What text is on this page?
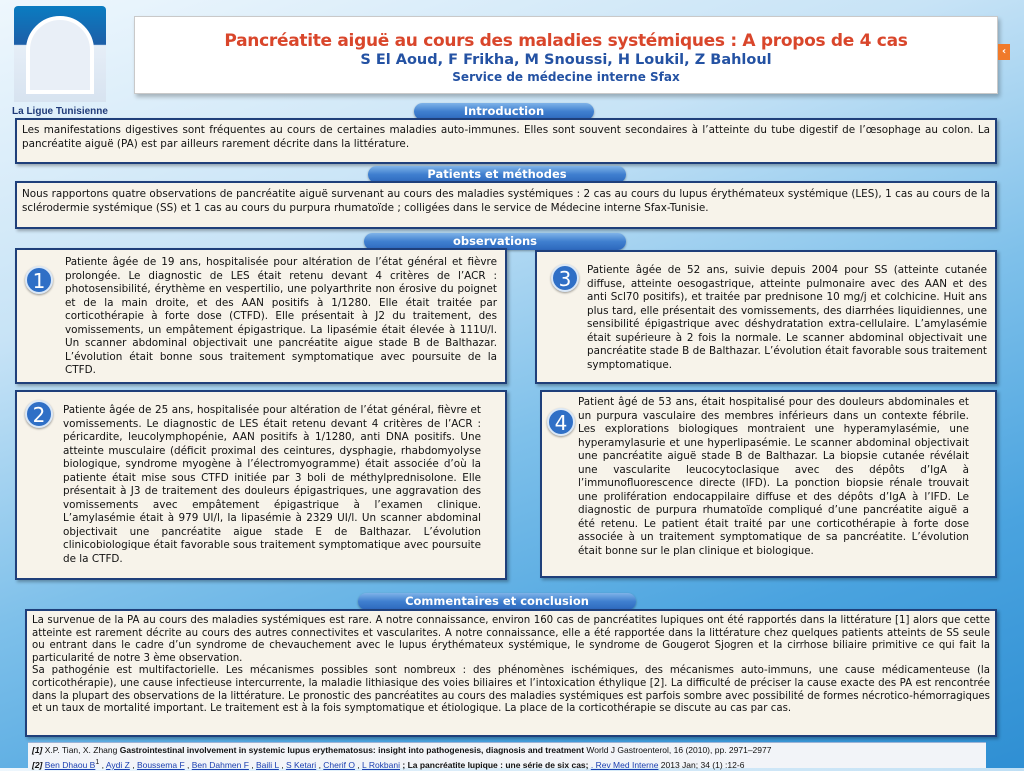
La Ligue Tunisienne
Pancréatite aiguë au cours des maladies systémiques : A propos de 4 cas
S El Aoud, F Frikha, M Snoussi, H Loukil, Z Bahloul
Service de médecine interne Sfax
‹
Introduction

Les manifestations digestives sont fréquentes au cours de certaines maladies auto-immunes. Elles sont souvent secondaires à l’atteinte du tube digestif de l’œsophage au colon. La pancréatite aiguë (PA) est par ailleurs rarement décrite dans la littérature.

Patients et méthodes

Nous rapportons quatre observations de pancréatite aiguë survenant au cours des maladies systémiques : 2 cas au cours du lupus érythémateux systémique (LES), 1 cas au cours de la sclérodermie systémique (SS) et 1 cas au cours du purpura rhumatoïde ; colligées dans le service de Médecine interne Sfax-Tunisie.

observations
1

Patiente âgée de 19 ans, hospitalisée pour altération de l’état général et fièvre prolongée. Le diagnostic de LES était retenu devant 4 critères de l’ACR : photosensibilité, érythème en vespertilio, une polyarthrite non érosive du poignet et de la main droite, et des AAN positifs à 1/1280. Elle était traitée par corticothérapie à forte dose (CTFD). Elle présentait à J2 du traitement, des vomissements, un empâtement épigastrique. La lipasémie était élevée à 111U/l. Un scanner abdominal objectivait une pancréatite aigue stade B de Balthazar. L’évolution était bonne sous traitement symptomatique avec poursuite de la CTFD.

3	Patiente âgée de 52 ans, suivie depuis 2004 pour SS (atteinte cutanée diffuse, atteinte oesogastrique, atteinte pulmonaire avec des AAN et des anti Scl70 positifs), et traitée par prednisone 10 mg/j et colchicine. Huit ans plus tard, elle présentait des vomissements, des diarrhées liquidiennes, une sensibilité épigastrique avec déshydratation extra-cellulaire. L’amylasémie était supérieure à 2 fois la normale. Le scanner abdominal objectivait une pancréatite stade B de Balthazar. L’évolution était favorable sous traitement symptomatique.

2	Patiente âgée de 25 ans, hospitalisée pour altération de l’état général, fièvre et vomissements. Le diagnostic de LES était retenu devant 4 critères de l’ACR : péricardite, leucolymphopénie, AAN positifs à 1/1280, anti DNA positifs. Une atteinte musculaire (déficit proximal des ceintures, dysphagie, rhabdomyolyse biologique, syndrome myogène à l’électromyogramme) était associée d’où la patiente était mise sous CTFD initiée par 3 boli de méthylprednisolone. Elle présentait à J3 de traitement des douleurs épigastriques, une aggravation des vomissements avec empâtement épigastrique à l’examen clinique. L’amylasémie était à 979 UI/l, la lipasémie à 2329 UI/l. Un scanner abdominal objectivait une pancréatite aigue stade E de Balthazar. L’évolution clinicobiologique était favorable sous traitement symptomatique avec poursuite de la CTFD.

4

Patient âgé de 53 ans, était hospitalisé pour des douleurs abdominales et un purpura vasculaire des membres inférieurs dans un contexte fébrile. Les explorations biologiques montraient une hyperamylasémie, une hyperamylasurie et une hyperlipasémie. Le scanner abdominal objectivait une pancréatite aiguë stade B de Balthazar. La biopsie cutanée révélait une vascularite leucocytoclasique avec des dépôts d’IgA à l’immunofluorescence directe (IFD). La ponction biopsie rénale trouvait une prolifération endocappilaire diffuse et des dépôts d’IgA à l’IFD. Le diagnostic de purpura rhumatoïde compliqué d’une pancréatite aiguë a été retenu. Le patient était traité par une corticothérapie à forte dose associée à un traitement symptomatique de sa pancréatite. L’évolution était bonne sur le plan clinique et biologique.

Commentaires et conclusion

La survenue de la PA au cours des maladies systémiques est rare. A notre connaissance, environ 160 cas de pancréatites lupiques ont été rapportés dans la littérature [1] alors que cette atteinte est rarement décrite au cours des autres connectivites et vascularites. A notre connaissance, elle a été rapportée dans la littérature chez quelques patients atteints de SS seule ou entrant dans le cadre d’un syndrome de chevauchement avec le lupus érythémateux systémique, le syndrome de Gougerot Sjogren et la cirrhose biliaire primitive ce qui fait la particularité de notre 3 ème observation.

Sa pathogénie est multifactorielle. Les mécanismes possibles sont nombreux : des phénomènes ischémiques, des mécanismes auto-immuns, une cause médicamenteuse (la corticothérapie), une cause infectieuse intercurrente, la maladie lithiasique des voies biliaires et l’intoxication éthylique [2]. La difficulté de préciser la cause exacte des PA est rencontrée dans la plupart des observations de la littérature. Le pronostic des pancréatites au cours des maladies systémiques est parfois sombre avec possibilité de formes nécrotico-hémorragiques et un taux de mortalité important. Le traitement est à la fois symptomatique et étiologique. La place de la corticothérapie se discute au cas par cas.

[1] X.P. Tian, X. Zhang Gastrointestinal involvement in systemic lupus erythematosus: insight into pathogenesis, diagnosis and treatment World J Gastroenterol, 16 (2010), pp. 2971–2977
[2] Ben Dhaou $B^1$ , Aydi Z , Boussema F , Ben Dahmen F , Baili L , S Ketari , Cherif O , L Rokbani ; La pancréatite lupique : une série de six cas; . Rev Med Interne 2013 Jan; 34 (1) :12-6
